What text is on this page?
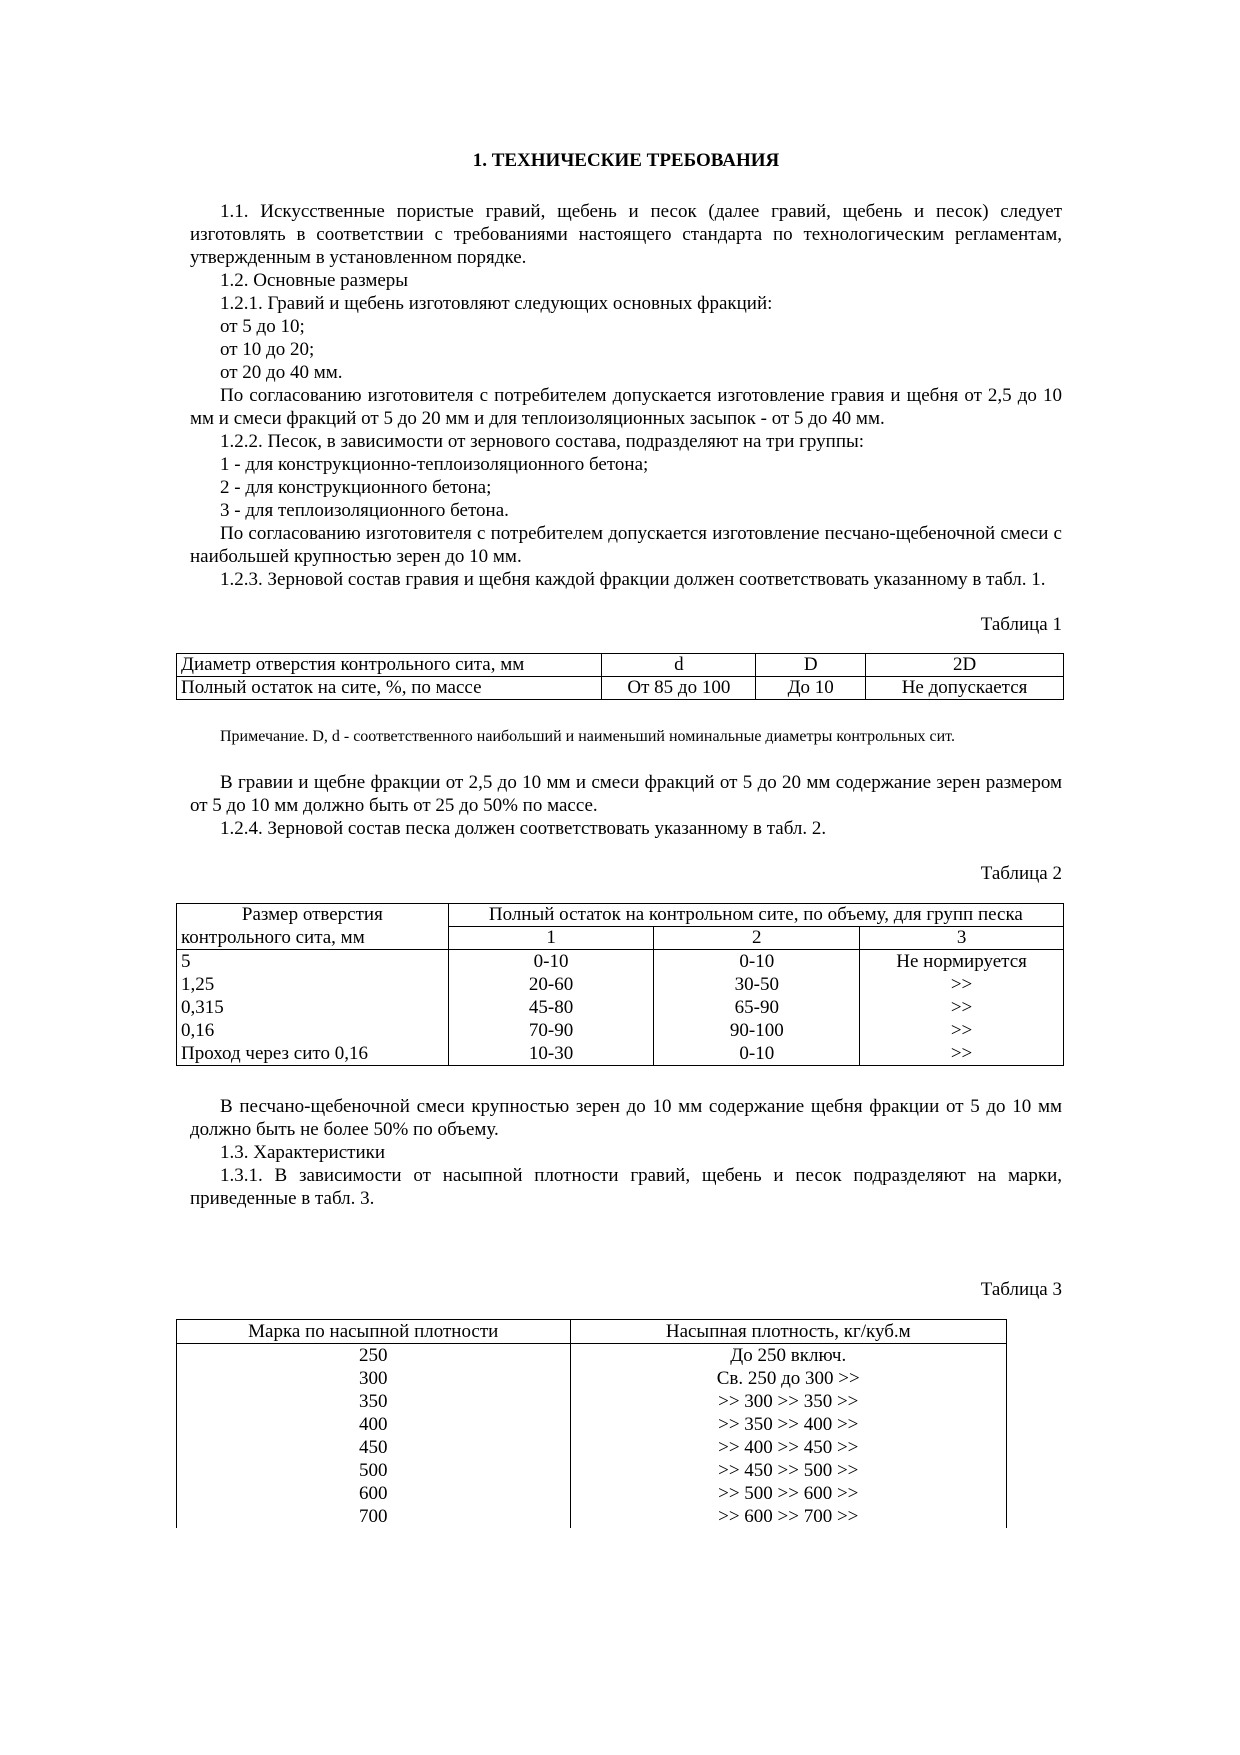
1. ТЕХНИЧЕСКИЕ ТРЕБОВАНИЯ

1.1. Искусственные пористые гравий, щебень и песок (далее гравий, щебень и песок) следует изготовлять в соответствии с требованиями настоящего стандарта по технологическим регламентам, утвержденным в установленном порядке.

1.2. Основные размеры

1.2.1. Гравий и щебень изготовляют следующих основных фракций:

от 5 до 10;

от 10 до 20;

от 20 до 40 мм.

По согласованию изготовителя с потребителем допускается изготовление гравия и щебня от 2,5 до 10 мм и смеси фракций от 5 до 20 мм и для теплоизоляционных засыпок - от 5 до 40 мм.

1.2.2. Песок, в зависимости от зернового состава, подразделяют на три группы:

1 - для конструкционно-теплоизоляционного бетона;

2 - для конструкционного бетона;

3 - для теплоизоляционного бетона.

По согласованию изготовителя с потребителем допускается изготовление песчано-щебеночной смеси с наибольшей крупностью зерен до 10 мм.

1.2.3. Зерновой состав гравия и щебня каждой фракции должен соответствовать указанному в табл. 1.

Таблица 1

Диаметр отверстия контрольного сита, мм	d	D	2D
Полный остаток на сите, %, по массе	От 85 до 100	До 10	Не допускается

Примечание. D, d - соответственного наибольший и наименьший номинальные диаметры контрольных сит.

В гравии и щебне фракции от 2,5 до 10 мм и смеси фракций от 5 до 20 мм содержание зерен размером от 5 до 10 мм должно быть от 25 до 50% по массе.

1.2.4. Зерновой состав песка должен соответствовать указанному в табл. 2.

Таблица 2

Размер отверстия	Полный остаток на контрольном сите, по объему, для групп песка		
контрольного сита, мм	1	2	3
5	0-10	0-10	Не нормируется
1,25	20-60	30-50	>>
0,315	45-80	65-90	>>
0,16	70-90	90-100	>>
Проход через сито 0,16	10-30	0-10	>>

В песчано-щебеночной смеси крупностью зерен до 10 мм содержание щебня фракции от 5 до 10 мм должно быть не более 50% по объему.

1.3. Характеристики

1.3.1. В зависимости от насыпной плотности гравий, щебень и песок подразделяют на марки, приведенные в табл. 3.

Таблица 3

Марка по насыпной плотности	Насыпная плотность, кг/куб.м
250	До 250 включ.
300	Св. 250 до 300 >>
350	>> 300 >> 350 >>
400	>> 350 >> 400 >>
450	>> 400 >> 450 >>
500	>> 450 >> 500 >>
600	>> 500 >> 600 >>
700	>> 600 >> 700 >>
